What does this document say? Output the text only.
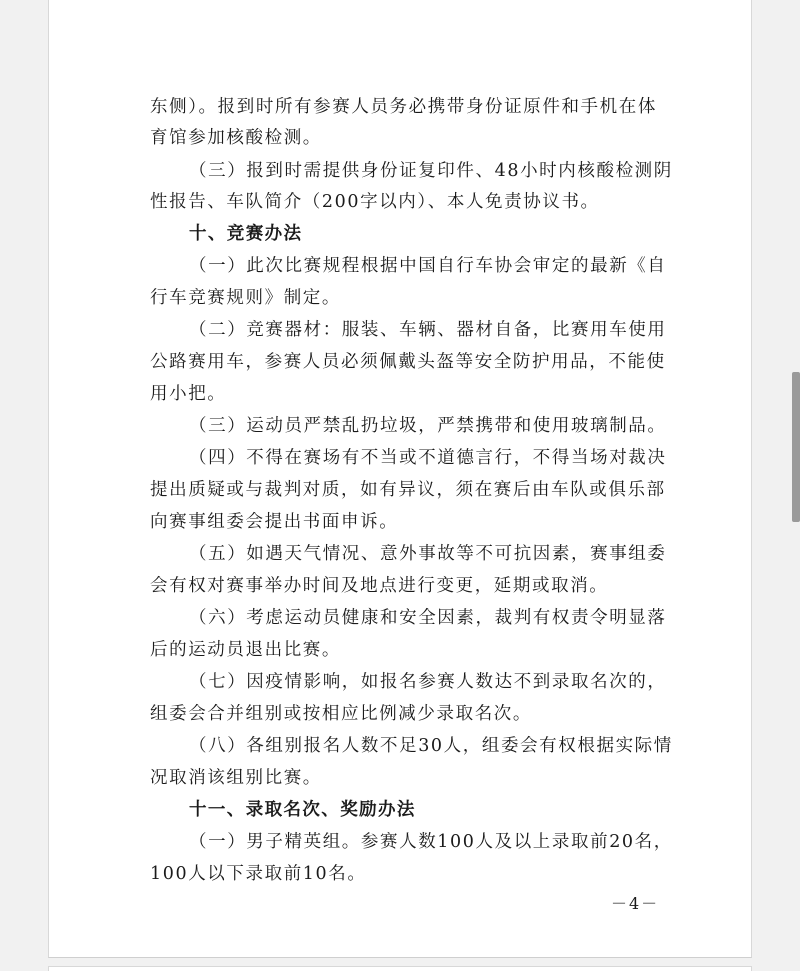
东侧）。报到时所有参赛人员务必携带身份证原件和手机在体
育馆参加核酸检测。
（三）报到时需提供身份证复印件、48小时内核酸检测阴
性报告、车队简介（200字以内）、本人免责协议书。
十、竞赛办法
（一）此次比赛规程根据中国自行车协会审定的最新《自
行车竞赛规则》制定。
（二）竞赛器材：服装、车辆、器材自备，比赛用车使用
公路赛用车，参赛人员必须佩戴头盔等安全防护用品，不能使
用小把。
（三）运动员严禁乱扔垃圾，严禁携带和使用玻璃制品。
（四）不得在赛场有不当或不道德言行，不得当场对裁决
提出质疑或与裁判对质，如有异议，须在赛后由车队或俱乐部
向赛事组委会提出书面申诉。
（五）如遇天气情况、意外事故等不可抗因素，赛事组委
会有权对赛事举办时间及地点进行变更，延期或取消。
（六）考虑运动员健康和安全因素，裁判有权责令明显落
后的运动员退出比赛。
（七）因疫情影响，如报名参赛人数达不到录取名次的，
组委会合并组别或按相应比例减少录取名次。
（八）各组别报名人数不足30人，组委会有权根据实际情
况取消该组别比赛。
十一、录取名次、奖励办法
（一）男子精英组。参赛人数100人及以上录取前20名，
100人以下录取前10名。
－4－
